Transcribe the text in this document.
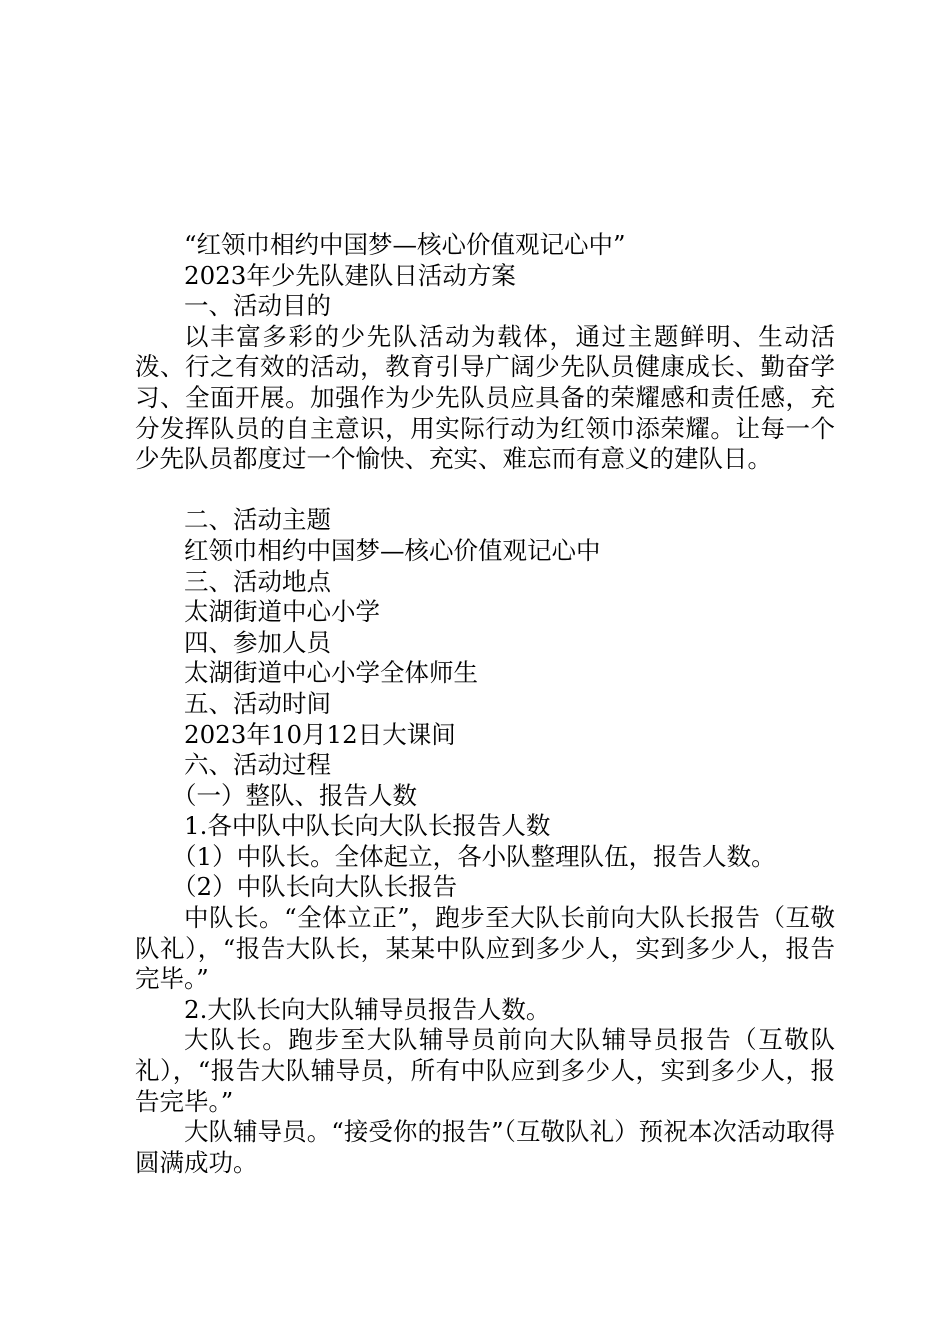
“红领巾相约中国梦—核心价值观记心中”

2023年少先队建队日活动方案

一、活动目的

以丰富多彩的少先队活动为载体，通过主题鲜明、生动活泼、行之有效的活动，教育引导广阔少先队员健康成长、勤奋学习、全面开展。加强作为少先队员应具备的荣耀感和责任感，充分发挥队员的自主意识，用实际行动为红领巾添荣耀。让每一个少先队员都度过一个愉快、充实、难忘而有意义的建队日。

二、活动主题

红领巾相约中国梦—核心价值观记心中

三、活动地点

太湖街道中心小学

四、参加人员

太湖街道中心小学全体师生

五、活动时间

2023年10月12日大课间

六、活动过程

（一）整队、报告人数

1.各中队中队长向大队长报告人数

（1）中队长。全体起立，各小队整理队伍，报告人数。

（2）中队长向大队长报告

中队长。“全体立正”，跑步至大队长前向大队长报告（互敬队礼），“报告大队长，某某中队应到多少人，实到多少人，报告完毕。”

2.大队长向大队辅导员报告人数。

大队长。跑步至大队辅导员前向大队辅导员报告（互敬队礼），“报告大队辅导员，所有中队应到多少人，实到多少人，报告完毕。”

大队辅导员。“接受你的报告”（互敬队礼）预祝本次活动取得圆满成功。
